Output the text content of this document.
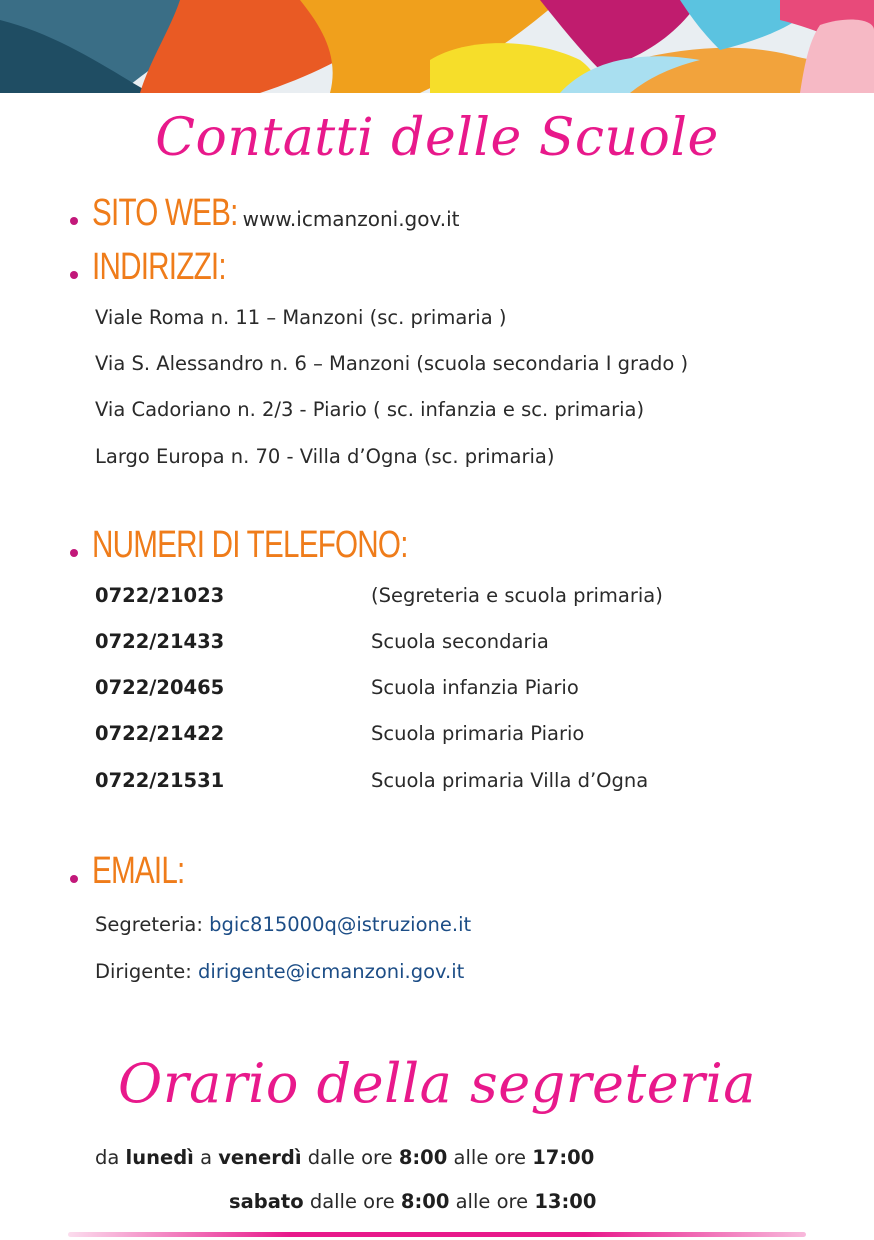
Contatti delle Scuole
SITO WEB: www.icmanzoni.gov.it
INDIRIZZI:
Viale Roma n. 11 – Manzoni (sc. primaria )
Via S. Alessandro n. 6 – Manzoni (scuola secondaria I grado )
Via Cadoriano n. 2/3 - Piario ( sc. infanzia e sc. primaria)
Largo Europa n. 70 - Villa d’Ogna (sc. primaria)
NUMERI DI TELEFONO:
0722/21023	(Segreteria e scuola primaria)
0722/21433	Scuola secondaria
0722/20465	Scuola infanzia Piario
0722/21422	Scuola primaria Piario
0722/21531	Scuola primaria Villa d’Ogna
EMAIL:
Segreteria: bgic815000q@istruzione.it
Dirigente: dirigente@icmanzoni.gov.it
Orario della segreteria
da lunedì a venerdì dalle ore 8:00 alle ore 17:00
sabato dalle ore 8:00 alle ore 13:00
